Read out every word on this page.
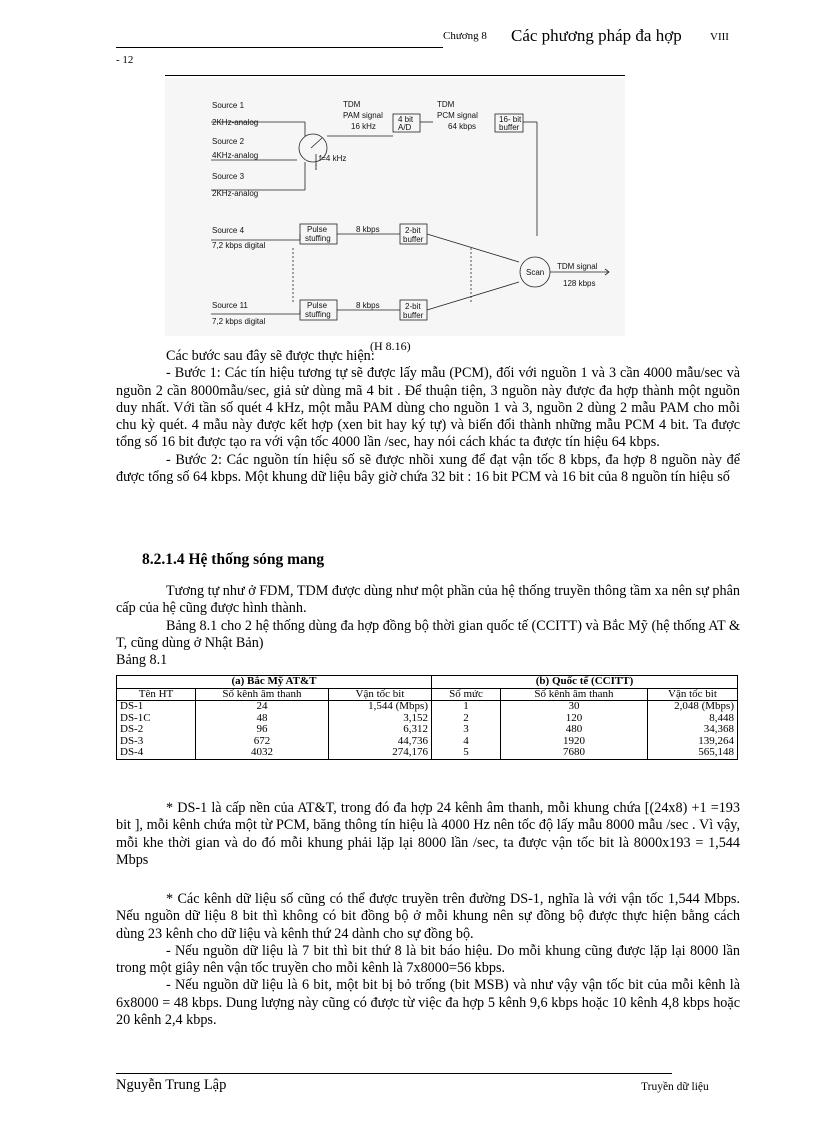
Chương 8 Các phương pháp đa hợp	VIII
- 12
Source 1
2KHz-analog
Source 2
4KHz-analog
Source 3
2KHz-analog
TDM
PAM signal
16 kHz
TDM
PCM signal
64 kbps
4 bit
A/D
16- bit
buffer
f=4 kHz
Source 4
7,2 kbps digital
Pulse
stuffing
8 kbps	2-bit
buffer
Source 11
7,2 kbps digital
Pulse
stuffing
8 kbps	2-bit
buffer
Scan
TDM signal
128 kbps
(H 8.16)

Các bước sau đây sẽ được thực hiện:

- Bước 1: Các tín hiệu tương tự sẽ được lấy mẫu (PCM), đối với nguồn 1 và 3 cần 4000 mẫu/sec và nguồn 2 cần 8000mẫu/sec, giả sử dùng mã 4 bit . Để thuận tiện, 3 nguồn này được đa hợp thành một nguồn duy nhất. Với tần số quét 4 kHz, một mẫu PAM dùng cho nguồn 1 và 3, nguồn 2 dùng 2 mẫu PAM cho mỗi chu kỳ quét. 4 mẫu này được kết hợp (xen bit hay ký tự) và biến đổi thành những mẫu PCM 4 bit. Ta được tổng số 16 bit được tạo ra với vận tốc 4000 lần /sec, hay nói cách khác ta được tín hiệu 64 kbps.

- Bước 2: Các nguồn tín hiệu số sẽ được nhồi xung để đạt vận tốc 8 kbps, đa hợp 8 nguồn này để được tổng số 64 kbps. Một khung dữ liệu bây giờ chứa 32 bit : 16 bit PCM và 16 bit của 8 nguồn tín hiệu số

8.2.1.4 Hệ thống sóng mang

Tương tự như ở FDM, TDM được dùng như một phần của hệ thống truyền thông tầm xa nên sự phân cấp của hệ cũng được hình thành.

Bảng 8.1 cho 2 hệ thống dùng đa hợp đồng bộ thời gian quốc tế (CCITT) và Bắc Mỹ (hệ thống AT & T, cũng dùng ở Nhật Bản)

Bảng 8.1

(a) Bắc Mỹ AT&T			(b) Quốc tế (CCITT)		
Tên HT	Số kênh âm thanh	Vận tốc bit	Số mức	Số kênh âm thanh	Vận tốc bit
DS-1	24	1,544 (Mbps)	1	30	2,048 (Mbps)
DS-1C	48	3,152	2	120	8,448
DS-2	96	6,312	3	480	34,368
DS-3	672	44,736	4	1920	139,264
DS-4	4032	274,176	5	7680	565,148

* DS-1 là cấp nền của AT&T, trong đó đa hợp 24 kênh âm thanh, mỗi khung chứa [(24x8) +1 =193 bit ], mỗi kênh chứa một từ PCM, băng thông tín hiệu là 4000 Hz nên tốc độ lấy mẫu 8000 mẫu /sec . Vì vậy, mỗi khe thời gian và do đó mỗi khung phải lặp lại 8000 lần /sec, ta được vận tốc bit là 8000x193 = 1,544 Mbps

* Các kênh dữ liệu số cũng có thể được truyền trên đường DS-1, nghĩa là với vận tốc 1,544 Mbps. Nếu nguồn dữ liệu 8 bit thì không có bit đồng bộ ở mỗi khung nên sự đồng bộ được thực hiện bằng cách dùng 23 kênh cho dữ liệu và kênh thứ 24 dành cho sự đồng bộ.

- Nếu nguồn dữ liệu là 7 bit thì bit thứ 8 là bit báo hiệu. Do mỗi khung cũng được lặp lại 8000 lần trong một giây nên vận tốc truyền cho mỗi kênh là 7x8000=56 kbps.

- Nếu nguồn dữ liệu là 6 bit, một bit bị bỏ trống (bit MSB) và như vậy vận tốc bit của mỗi kênh là 6x8000 = 48 kbps. Dung lượng này cũng có được từ việc đa hợp 5 kênh 9,6 kbps hoặc 10 kênh 4,8 kbps hoặc 20 kênh 2,4 kbps.

Nguyễn Trung Lập	Truyền dữ liệu
